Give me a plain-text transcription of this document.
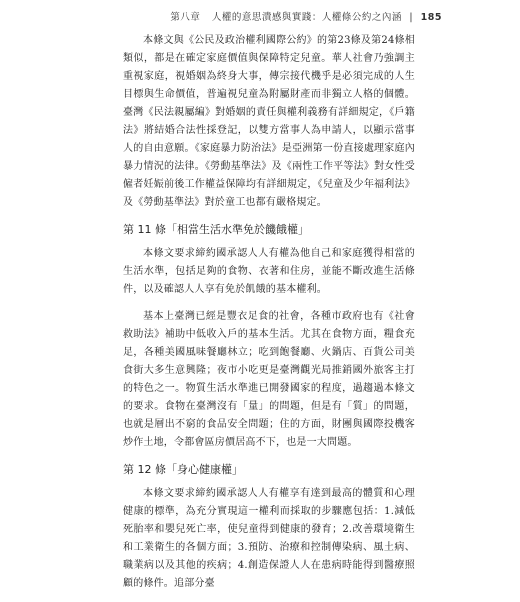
第八章 人權的意思潰感與實踐：人權條公約之內涵 | 185

本條文與《公民及政治權利國際公約》的第23條及第24條相類似，都是在確定家庭價值與保障特定兒童。華人社會乃強調主重視家庭，視婚姻為終身大事，傳宗接代機乎是必須完成的人生目標與生命價值，普遍視兒童為附屬財產而非獨立人格的個體。臺灣《民法親屬編》對婚姻的責任與權利義務有詳細規定，《戶籍法》將結婚合法性採登記，以雙方當事人為申請人，以顯示當事人的自由意願。《家庭暴力防治法》是亞洲第一份直接處理家庭內暴力情況的法律。《勞動基準法》及《兩性工作平等法》對女性受僱者妊娠前後工作權益保障均有詳細規定，《兒童及少年福利法》及《勞動基準法》對於童工也都有嚴格規定。

第 11 條「相當生活水準免於饑餓權」

本條文要求締約國承認人人有權為他自己和家庭獲得相當的生活水準，包括足夠的食物、衣著和住房，並能不斷改進生活條件，以及確認人人享有免於飢餓的基本權利。

基本上臺灣已經是豐衣足食的社會，各種市政府也有《社會救助法》補助中低收入戶的基本生活。尤其在食物方面，糧食充足，各種美國風味餐廳林立；吃到飽餐廳、火鍋店、百貨公司美食街大多生意興隆；夜市小吃更是臺灣觀光局推銷國外旅客主打的特色之一。物質生活水準進已開發國家的程度，過趨過本條文的要求。食物在臺灣沒有「量」的問題，但是有「質」的問題，也就是層出不窮的食品安全問題；住的方面，財團與國際投機客炒作土地，令都會區房價居高不下，也是一大問題。

第 12 條「身心健康權」

本條文要求締約國承認人人有權享有達到最高的體質和心理健康的標準，為充分實現這一權利而採取的步驟應包括：1.減低死胎率和嬰兒死亡率，使兒童得到健康的發育；2.改善環境衛生和工業衛生的各個方面；3.預防、治療和控制傳染病、風土病、職業病以及其他的疾病；4.創造保證人人在患病時能得到醫療照顧的條件。追部分臺
